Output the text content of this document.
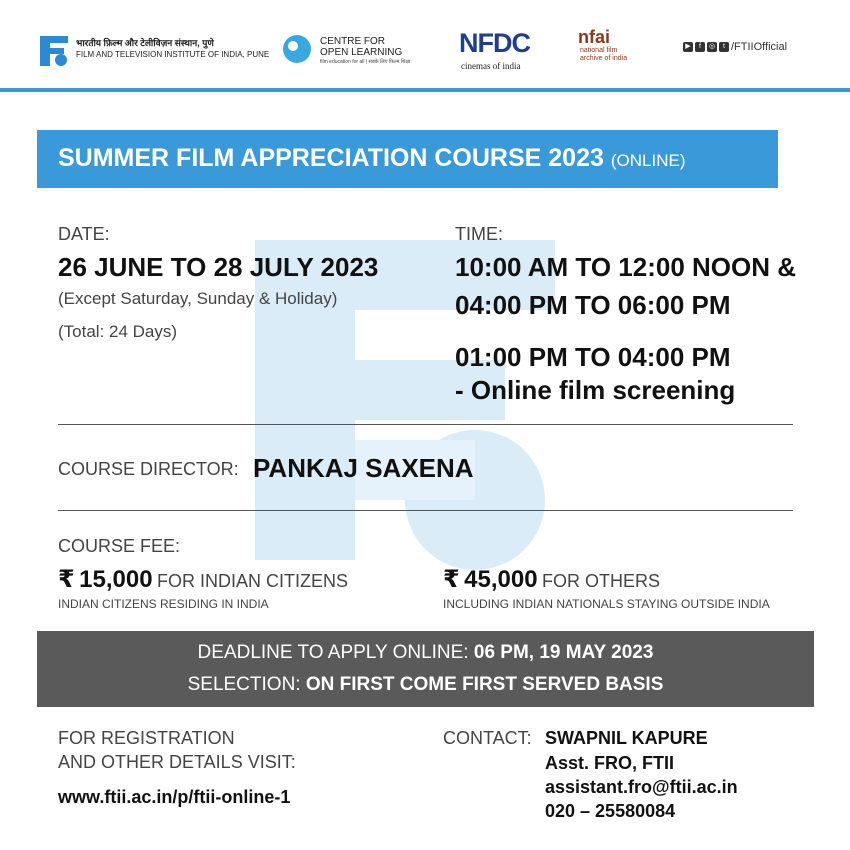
भारतीय फ़िल्म और टेलीविज़न संस्थान, पुणे
FILM AND TELEVISION INSTITUTE OF INDIA, PUNE
CENTRE FOR
OPEN LEARNING
film education for all | सबके लिए फ़िल्म शिक्षा
NFDC
cinemas of india
nfai
national film archive of india
▶ f ◎ t /FTIIOfficial
SUMMER FILM APPRECIATION COURSE 2023 (ONLINE)
DATE:
26 JUNE TO 28 JULY 2023
(Except Saturday, Sunday & Holiday)
(Total: 24 Days)
TIME:
10:00 AM TO 12:00 NOON &
04:00 PM TO 06:00 PM
01:00 PM TO 04:00 PM
- Online film screening
COURSE DIRECTOR: PANKAJ SAXENA
COURSE FEE:
₹ 15,000 FOR INDIAN CITIZENS
INDIAN CITIZENS RESIDING IN INDIA
₹ 45,000 FOR OTHERS
INCLUDING INDIAN NATIONALS STAYING OUTSIDE INDIA
DEADLINE TO APPLY ONLINE: 06 PM, 19 MAY 2023
SELECTION: ON FIRST COME FIRST SERVED BASIS
FOR REGISTRATION
AND OTHER DETAILS VISIT:
www.ftii.ac.in/p/ftii-online-1
CONTACT: SWAPNIL KAPURE
Asst. FRO, FTII
assistant.fro@ftii.ac.in
020 – 25580084
